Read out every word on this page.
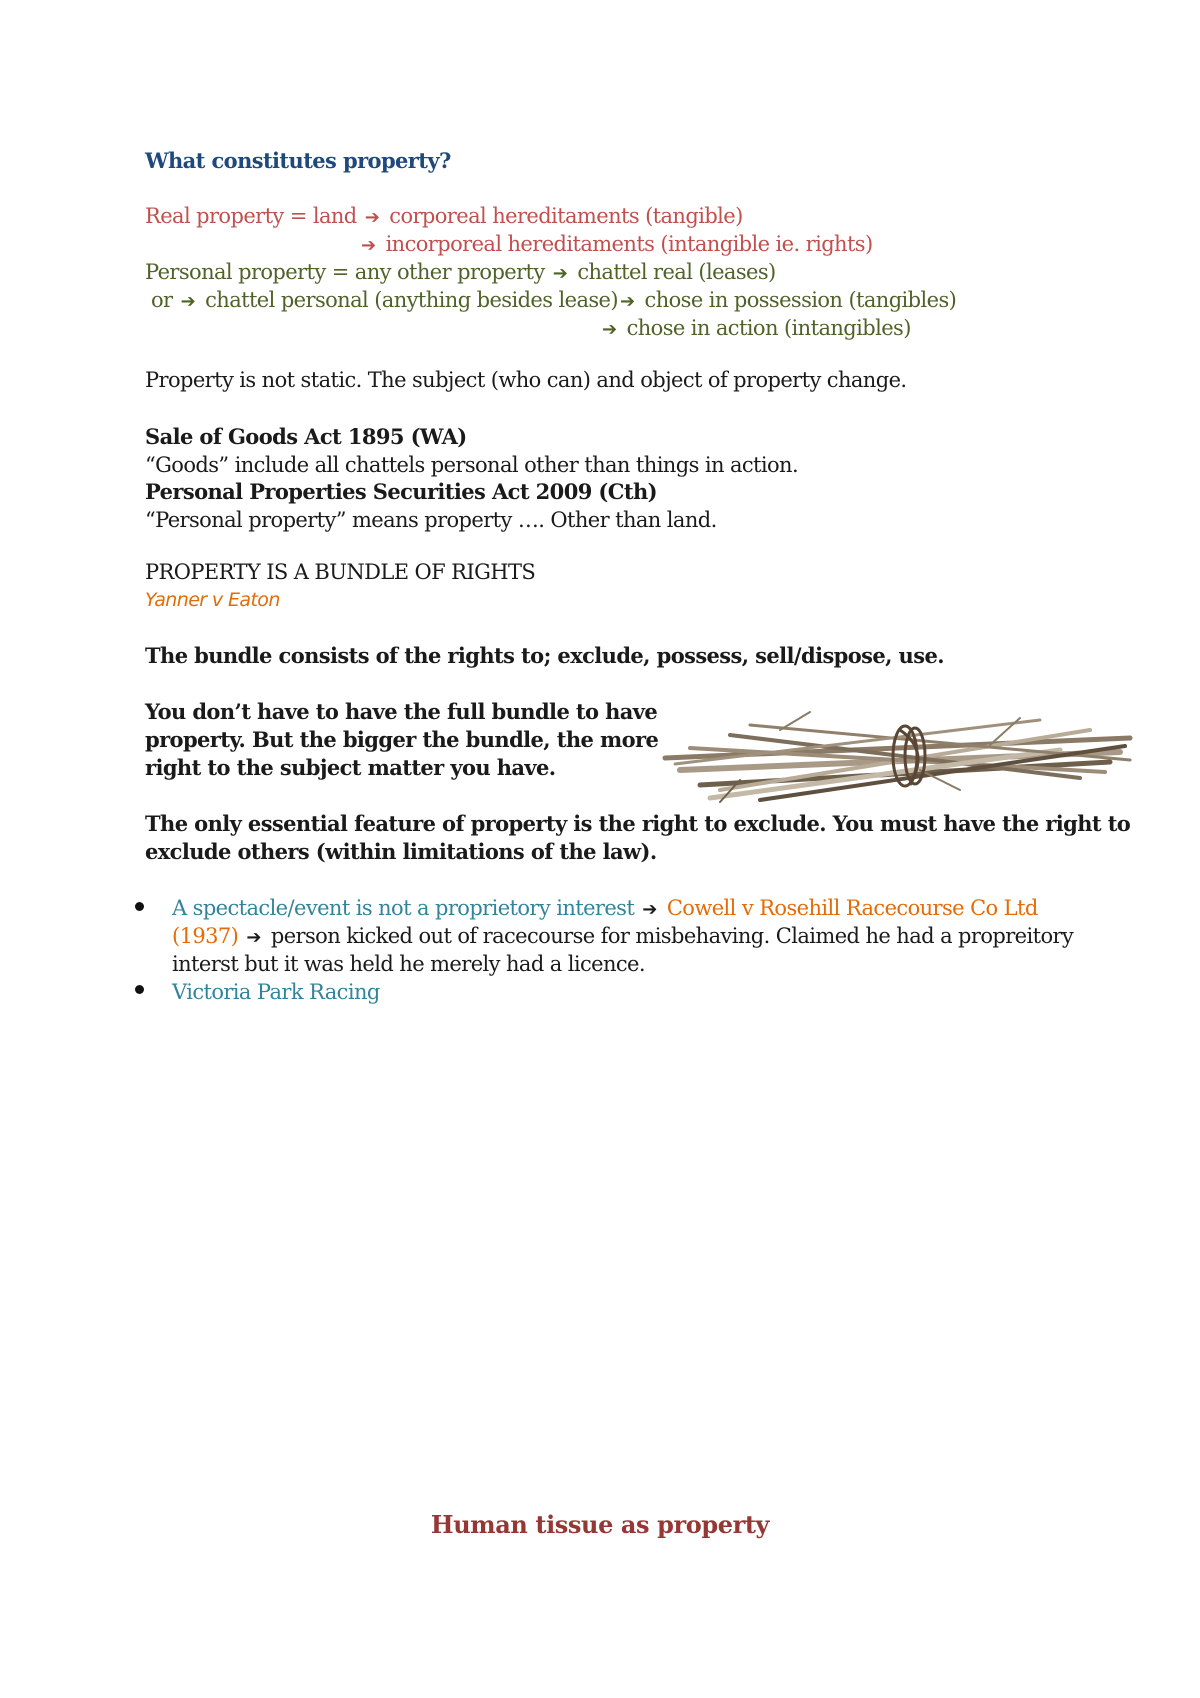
What constitutes property?
Real property = land ➔ corporeal hereditaments (tangible)
➔ incorporeal hereditaments (intangible ie. rights)
Personal property = any other property ➔ chattel real (leases)
or ➔ chattel personal (anything besides lease) ➔ chose in possession (tangibles)
➔ chose in action (intangibles)
Property is not static. The subject (who can) and object of property change.
Sale of Goods Act 1895 (WA)
“Goods” include all chattels personal other than things in action.
Personal Properties Securities Act 2009 (Cth)
“Personal property” means property …. Other than land.
PROPERTY IS A BUNDLE OF RIGHTS
Yanner v Eaton
The bundle consists of the rights to; exclude, possess, sell/dispose, use.
You don’t have to have the full bundle to have
property. But the bigger the bundle, the more
right to the subject matter you have.
The only essential feature of property is the right to exclude. You must have the right to
exclude others (within limitations of the law).
A spectacle/event is not a proprietory interest ➔ Cowell v Rosehill Racecourse Co Ltd
(1937) ➔ person kicked out of racecourse for misbehaving. Claimed he had a propreitory
interst but it was held he merely had a licence.
Victoria Park Racing
Human tissue as property
